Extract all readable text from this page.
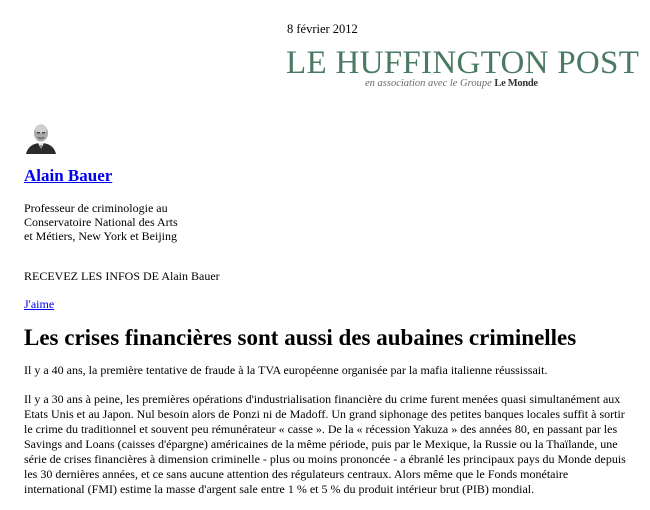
8 février 2012
LE HUFFINGTON POST
en association avec le Groupe Le Monde
Alain Bauer
Professeur de criminologie au Conservatoire National des Arts et Métiers, New York et Beijing
RECEVEZ LES INFOS DE Alain Bauer
J'aime
Les crises financières sont aussi des aubaines criminelles

Il y a 40 ans, la première tentative de fraude à la TVA européenne organisée par la mafia italienne réussissait.

Il y a 30 ans à peine, les premières opérations d'industrialisation financière du crime furent menées quasi simultanément aux Etats Unis et au Japon. Nul besoin alors de Ponzi ni de Madoff. Un grand siphonage des petites banques locales suffit à sortir le crime du traditionnel et souvent peu rémunérateur « casse ». De la « récession Yakuza » des années 80, en passant par les Savings and Loans (caisses d'épargne) américaines de la même période, puis par le Mexique, la Russie ou la Thaïlande, une série de crises financières à dimension criminelle - plus ou moins prononcée - a ébranlé les principaux pays du Monde depuis les 30 dernières années, et ce sans aucune attention des régulateurs centraux. Alors même que le Fonds monétaire international (FMI) estime la masse d'argent sale entre 1 % et 5 % du produit intérieur brut (PIB) mondial.
